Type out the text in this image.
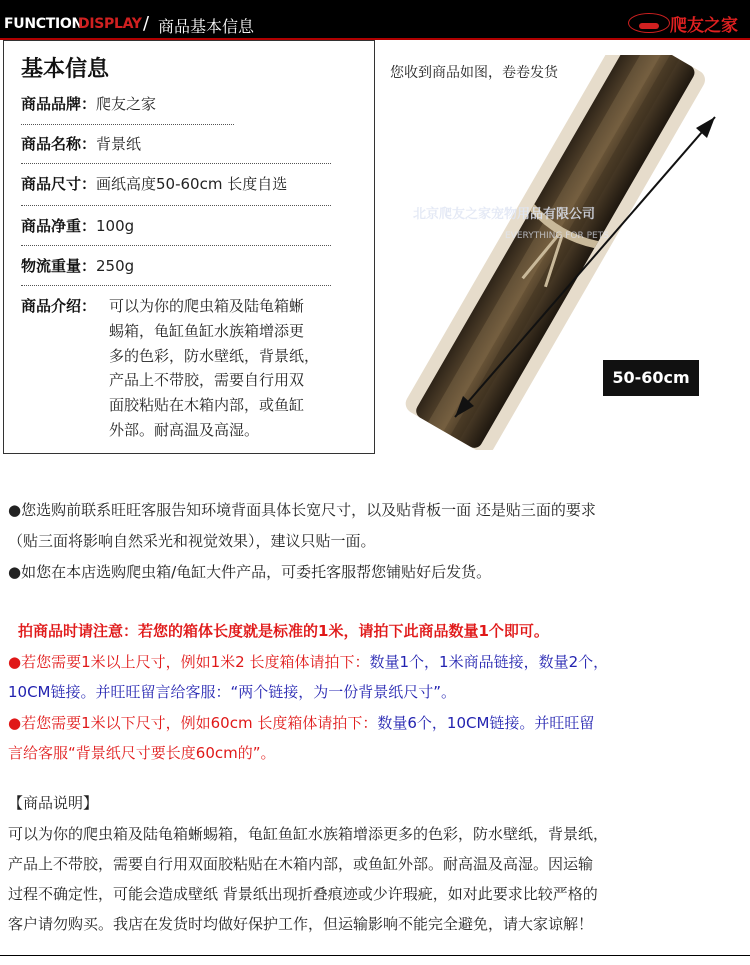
FUNCTION
DISPLAY / 商品基本信息	爬友之家
基本信息
商品品牌：爬友之家
商品名称：背景纸
商品尺寸：画纸高度50-60cm 长度自选
商品净重：100g
物流重量：250g
商品介绍： 可以为你的爬虫箱及陆龟箱蜥
蜴箱，龟缸鱼缸水族箱增添更
多的色彩，防水壁纸，背景纸，
产品上不带胶，需要自行用双
面胶粘贴在木箱内部，或鱼缸
外部。耐高温及高湿。
北京爬友之家宠物用品有限公司
EVERYTHING FOR PETS
您收到商品如图，卷卷发货
50-60cm
●您选购前联系旺旺客服告知环境背面具体长宽尺寸，以及贴背板一面 还是贴三面的要求
（贴三面将影响自然采光和视觉效果），建议只贴一面。
●如您在本店选购爬虫箱/龟缸大件产品，可委托客服帮您铺贴好后发货。
拍商品时请注意：若您的箱体长度就是标准的1米，请拍下此商品数量1个即可。
●若您需要1米以上尺寸，例如1米2 长度箱体请拍下：数量1个，1米商品链接，数量2个，
10CM链接。并旺旺留言给客服：“两个链接，为一份背景纸尺寸”。
●若您需要1米以下尺寸，例如60cm 长度箱体请拍下：数量6个，10CM链接。并旺旺留
言给客服“背景纸尺寸要长度60cm的”。
【商品说明】
可以为你的爬虫箱及陆龟箱蜥蜴箱，龟缸鱼缸水族箱增添更多的色彩，防水壁纸，背景纸，
产品上不带胶，需要自行用双面胶粘贴在木箱内部，或鱼缸外部。耐高温及高湿。因运输
过程不确定性，可能会造成壁纸 背景纸出现折叠痕迹或少许瑕疵，如对此要求比较严格的
客户请勿购买。我店在发货时均做好保护工作，但运输影响不能完全避免，请大家谅解！
